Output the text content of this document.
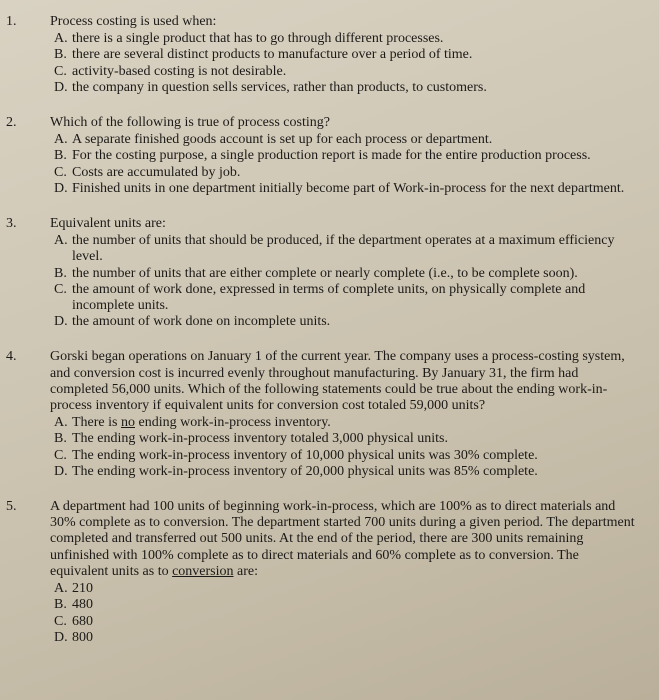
1.	Process costing is used when:
A. there is a single product that has to go through different processes.
B. there are several distinct products to manufacture over a period of time.
C. activity-based costing is not desirable.
D. the company in question sells services, rather than products, to customers.
2.	Which of the following is true of process costing?
A. A separate finished goods account is set up for each process or department.
B. For the costing purpose, a single production report is made for the entire production process.
C. Costs are accumulated by job.
D. Finished units in one department initially become part of Work-in-process for the next department.
3.	Equivalent units are:
A. the number of units that should be produced, if the department operates at a maximum efficiency level.
B. the number of units that are either complete or nearly complete (i.e., to be complete soon).
C. the amount of work done, expressed in terms of complete units, on physically complete and incomplete units.
D. the amount of work done on incomplete units.
4.	Gorski began operations on January 1 of the current year. The company uses a process-costing system, and conversion cost is incurred evenly throughout manufacturing. By January 31, the firm had completed 56,000 units. Which of the following statements could be true about the ending work-in-process inventory if equivalent units for conversion cost totaled 59,000 units?
A. There is no ending work-in-process inventory.
B. The ending work-in-process inventory totaled 3,000 physical units.
C. The ending work-in-process inventory of 10,000 physical units was 30% complete.
D. The ending work-in-process inventory of 20,000 physical units was 85% complete.
5.	A department had 100 units of beginning work-in-process, which are 100% as to direct materials and 30% complete as to conversion. The department started 700 units during a given period. The department completed and transferred out 500 units. At the end of the period, there are 300 units remaining unfinished with 100% complete as to direct materials and 60% complete as to conversion. The equivalent units as to conversion are:
A. 210
B. 480
C. 680
D. 800
